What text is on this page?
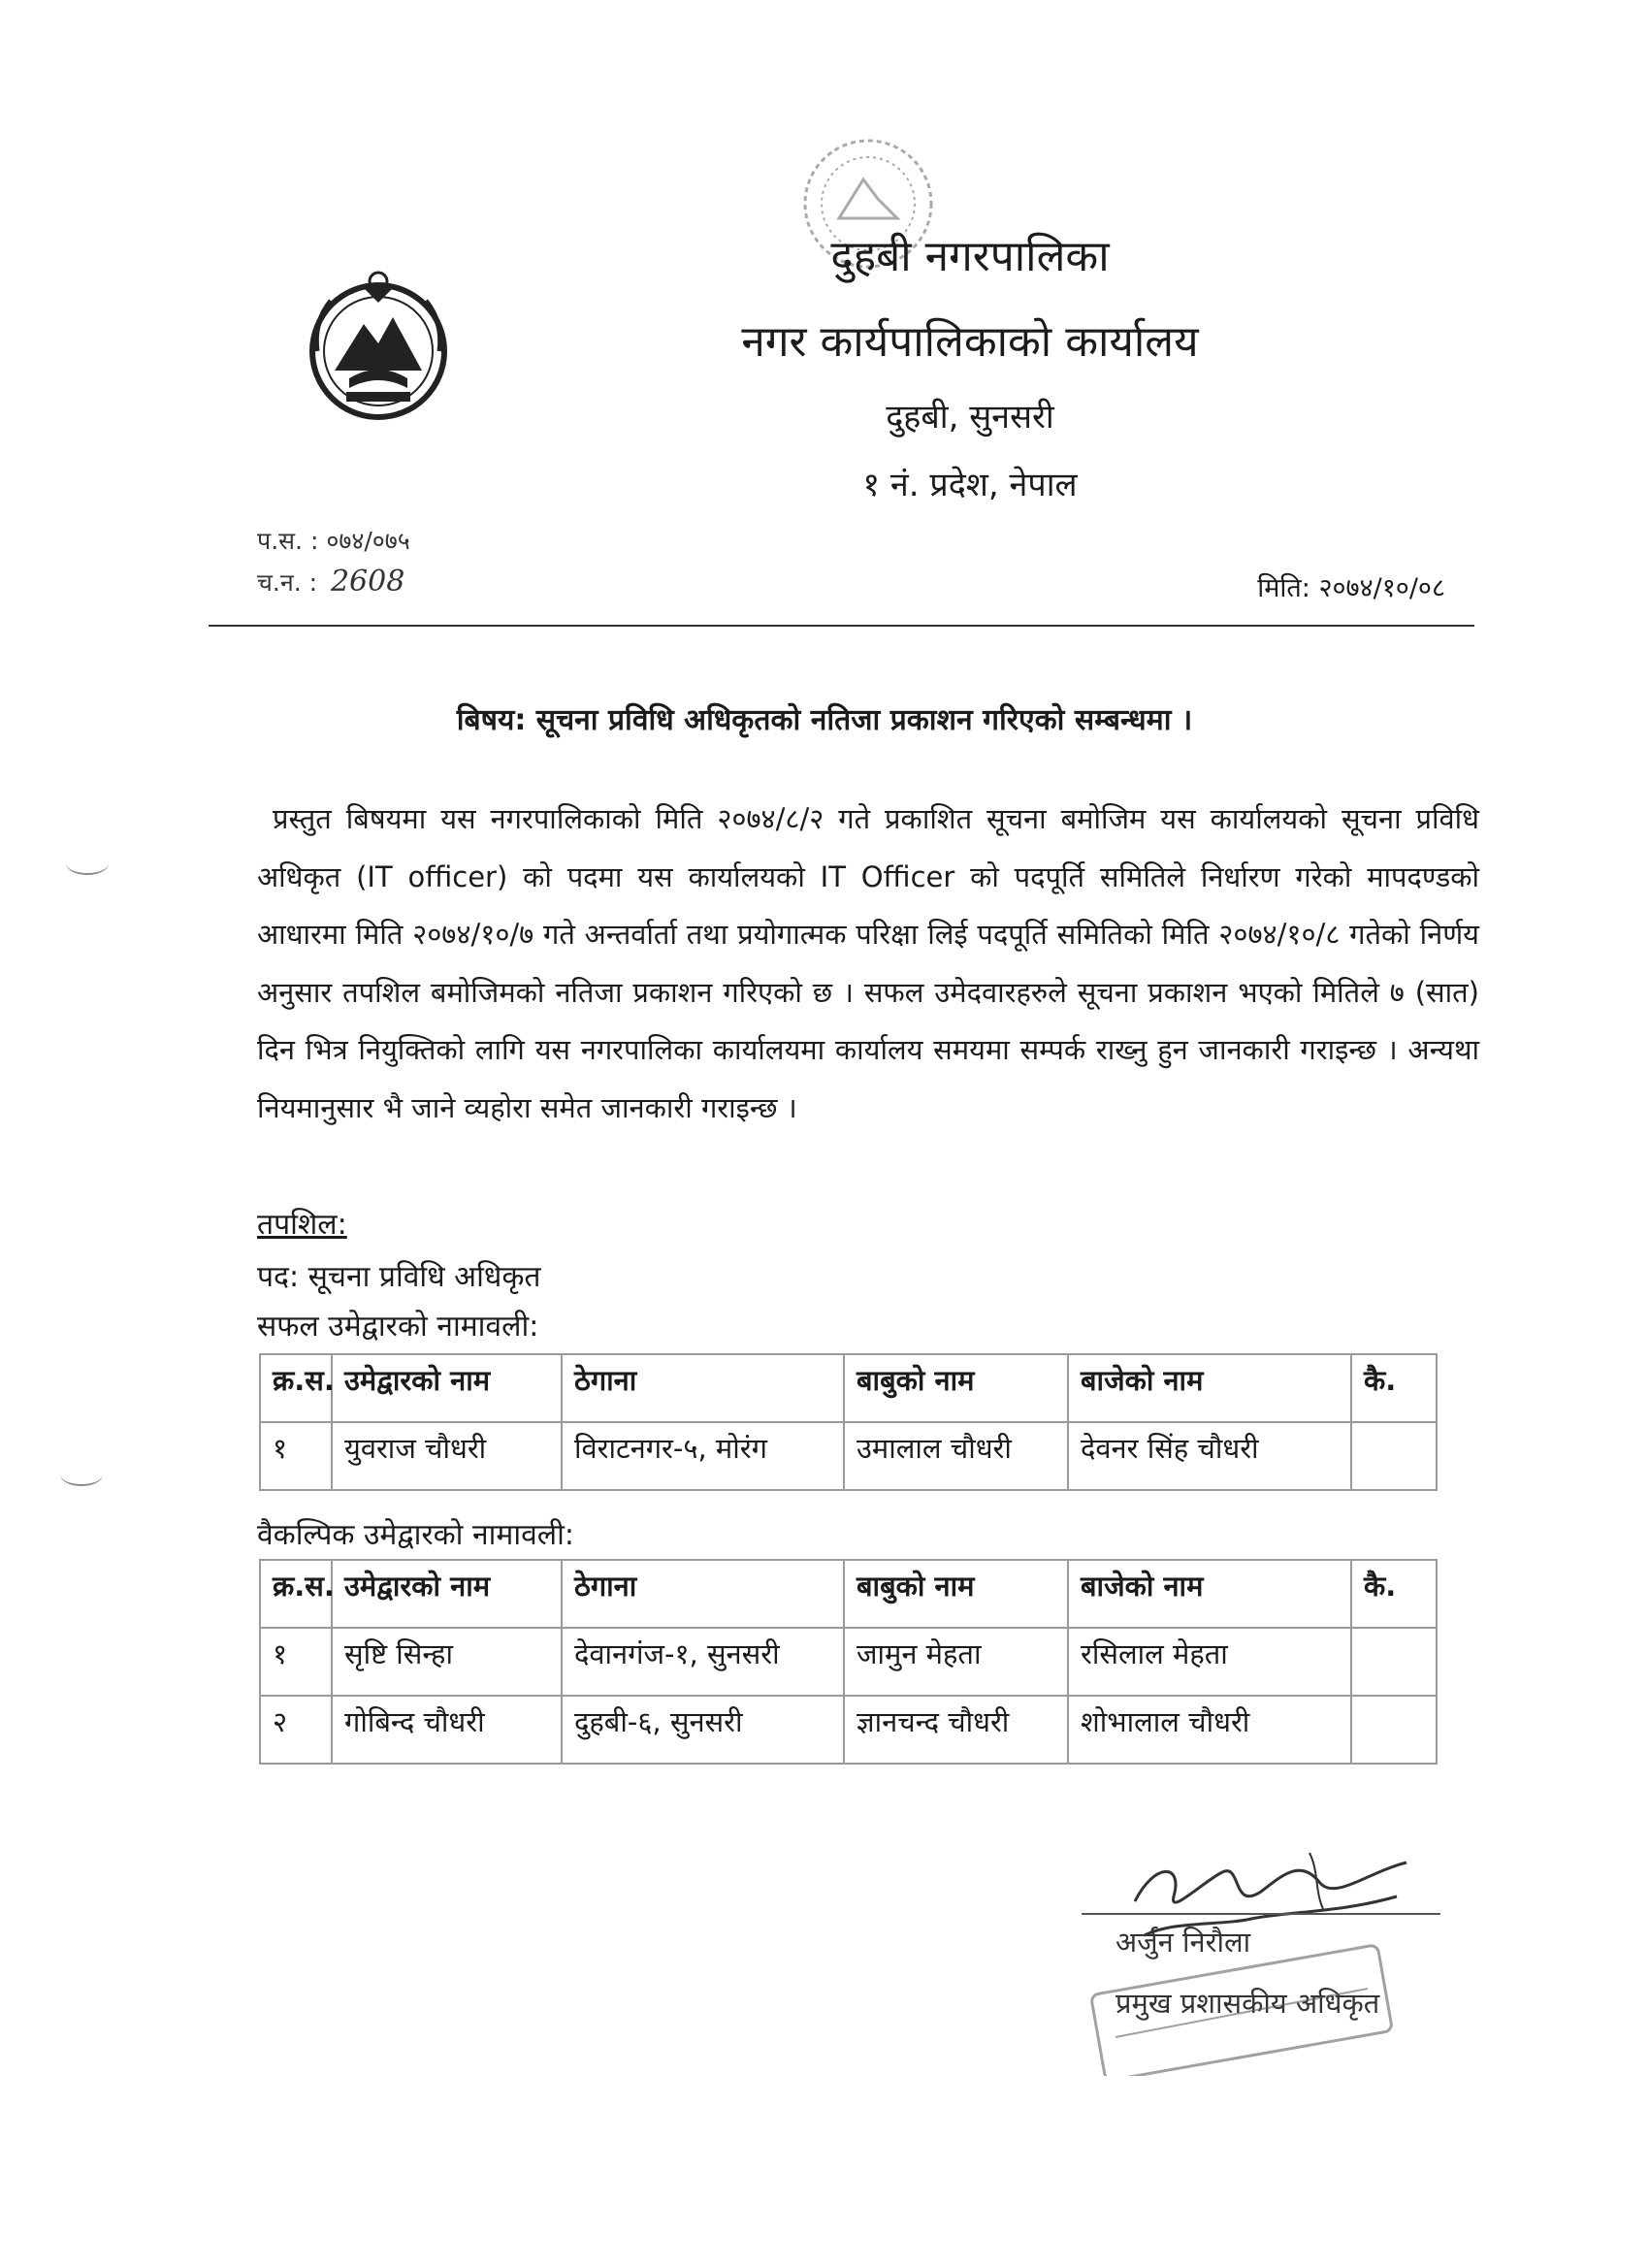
दुहबी नगरपालिका
नगर कार्यपालिकाको कार्यालय
दुहबी, सुनसरी
१ नं. प्रदेश, नेपाल
प.स. : ०७४/०७५
च.न. : 2608	मिति: २०७४/१०/०८
बिषय: सूचना प्रविधि अधिकृतको नतिजा प्रकाशन गरिएको सम्बन्धमा ।
प्रस्तुत बिषयमा यस नगरपालिकाको मिति २०७४/८/२ गते प्रकाशित सूचना बमोजिम यस कार्यालयको सूचना प्रविधि अधिकृत (IT officer) को पदमा यस कार्यालयको IT Officer को पदपूर्ति समितिले निर्धारण गरेको मापदण्डको आधारमा मिति २०७४/१०/७ गते अन्तर्वार्ता तथा प्रयोगात्मक परिक्षा लिई पदपूर्ति समितिको मिति २०७४/१०/८ गतेको निर्णय अनुसार तपशिल बमोजिमको नतिजा प्रकाशन गरिएको छ । सफल उमेदवारहरुले सूचना प्रकाशन भएको मितिले ७ (सात) दिन भित्र नियुक्तिको लागि यस नगरपालिका कार्यालयमा कार्यालय समयमा सम्पर्क राख्नु हुन जानकारी गराइन्छ । अन्यथा नियमानुसार भै जाने व्यहोरा समेत जानकारी गराइन्छ ।
तपशिल:
पद: सूचना प्रविधि अधिकृत
सफल उमेद्वारको नामावली:
क्र.स.	उमेद्वारको नाम	ठेगाना	बाबुको नाम	बाजेको नाम	कै.
१	युवराज चौधरी	विराटनगर-५, मोरंग	उमालाल चौधरी	देवनर सिंह चौधरी	
वैकल्पिक उमेद्वारको नामावली:
क्र.स.	उमेद्वारको नाम	ठेगाना	बाबुको नाम	बाजेको नाम	कै.
१	सृष्टि सिन्हा	देवानगंज-१, सुनसरी	जामुन मेहता	रसिलाल मेहता	
२	गोबिन्द चौधरी	दुहबी-६, सुनसरी	ज्ञानचन्द चौधरी	शोभालाल चौधरी	
अर्जुन निरौला
प्रमुख प्रशासकीय अधिकृत
